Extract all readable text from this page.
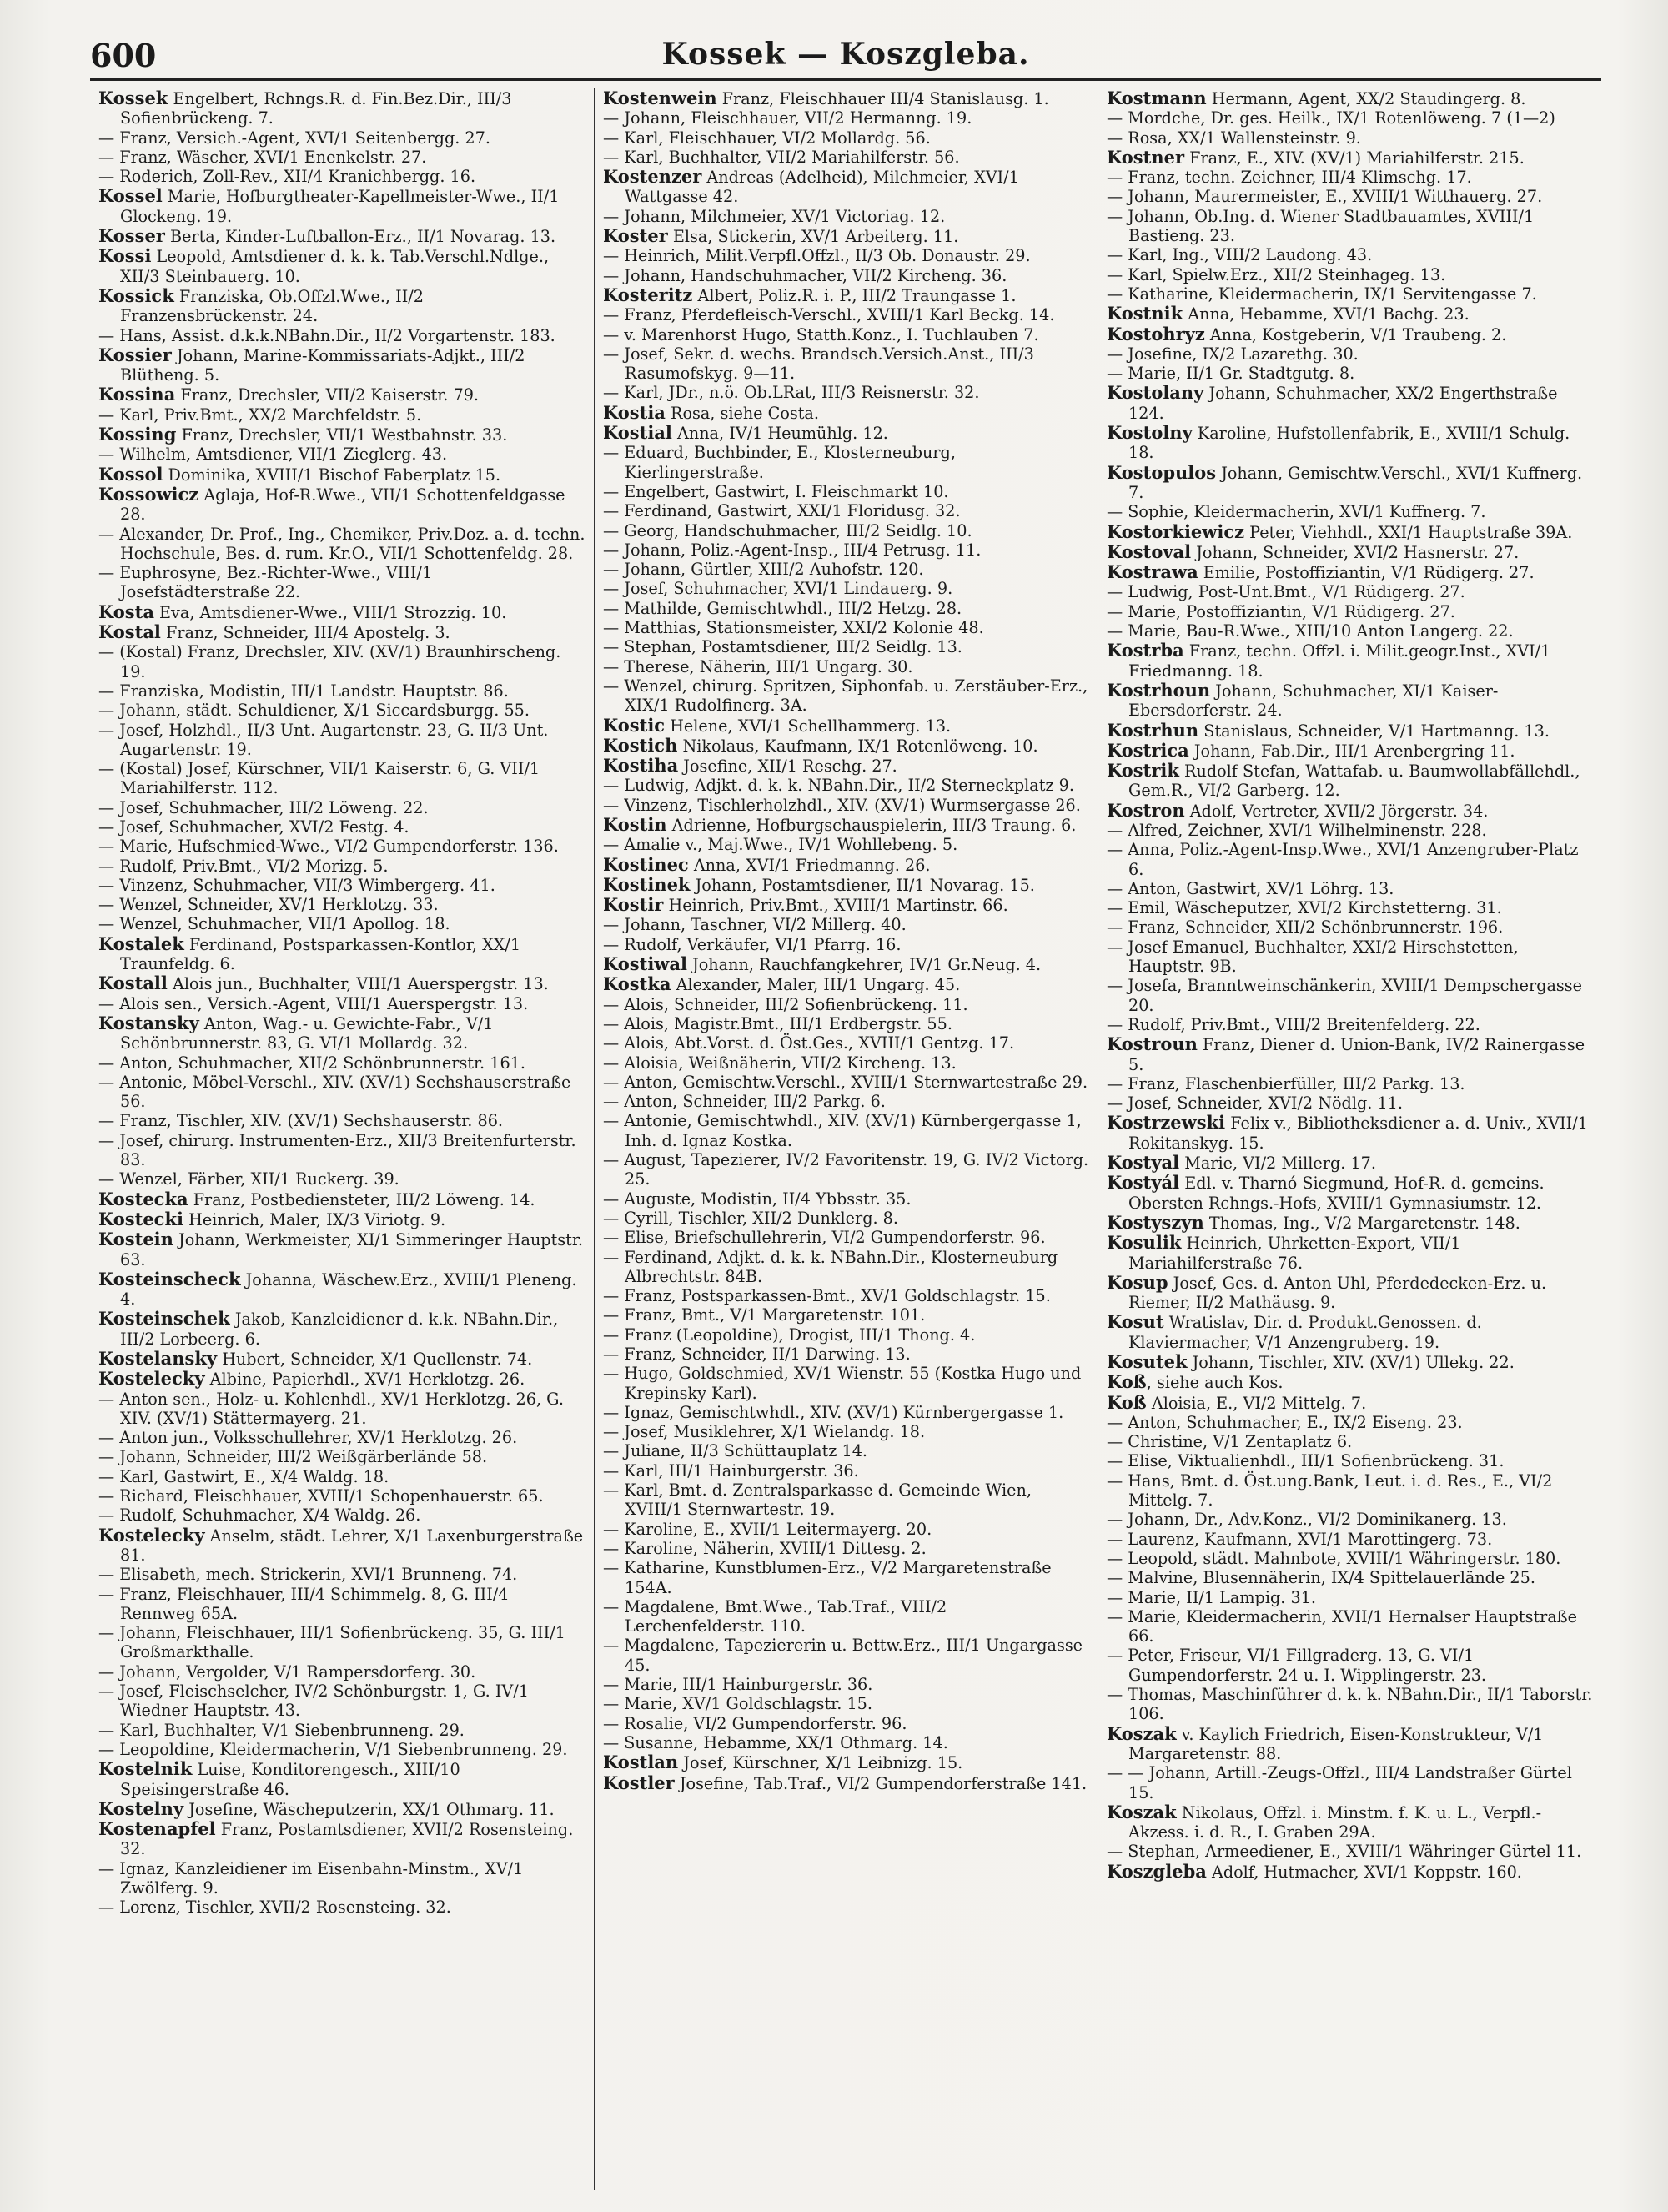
600	Kossek — Koszgleba.

Kossek Engelbert, Rchngs.R. d. Fin.Bez.Dir., III/3 Sofienbrückeng. 7.

— Franz, Versich.-Agent, XVI/1 Seitenbergg. 27.

— Franz, Wäscher, XVI/1 Enenkelstr. 27.

— Roderich, Zoll-Rev., XII/4 Kranichbergg. 16.

Kossel Marie, Hofburgtheater-Kapellmeister-Wwe., II/1 Glockeng. 19.

Kosser Berta, Kinder-Luftballon-Erz., II/1 Novarag. 13.

Kossi Leopold, Amtsdiener d. k. k. Tab.Verschl.Ndlge., XII/3 Steinbauerg. 10.

Kossick Franziska, Ob.Offzl.Wwe., II/2 Franzensbrückenstr. 24.

— Hans, Assist. d.k.k.NBahn.Dir., II/2 Vorgartenstr. 183.

Kossier Johann, Marine-Kommissariats-Adjkt., III/2 Blütheng. 5.

Kossina Franz, Drechsler, VII/2 Kaiserstr. 79.

— Karl, Priv.Bmt., XX/2 Marchfeldstr. 5.

Kossing Franz, Drechsler, VII/1 Westbahnstr. 33.

— Wilhelm, Amtsdiener, VII/1 Zieglerg. 43.

Kossol Dominika, XVIII/1 Bischof Faberplatz 15.

Kossowicz Aglaja, Hof-R.Wwe., VII/1 Schottenfeldgasse 28.

— Alexander, Dr. Prof., Ing., Chemiker, Priv.Doz. a. d. techn. Hochschule, Bes. d. rum. Kr.O., VII/1 Schottenfeldg. 28.

— Euphrosyne, Bez.-Richter-Wwe., VIII/1 Josefstädterstraße 22.

Kosta Eva, Amtsdiener-Wwe., VIII/1 Strozzig. 10.

Kostal Franz, Schneider, III/4 Apostelg. 3.

— (Kostal) Franz, Drechsler, XIV. (XV/1) Braunhirscheng. 19.

— Franziska, Modistin, III/1 Landstr. Hauptstr. 86.

— Johann, städt. Schuldiener, X/1 Siccardsburgg. 55.

— Josef, Holzhdl., II/3 Unt. Augartenstr. 23, G. II/3 Unt. Augartenstr. 19.

— (Kostal) Josef, Kürschner, VII/1 Kaiserstr. 6, G. VII/1 Mariahilferstr. 112.

— Josef, Schuhmacher, III/2 Löweng. 22.

— Josef, Schuhmacher, XVI/2 Festg. 4.

— Marie, Hufschmied-Wwe., VI/2 Gumpendorferstr. 136.

— Rudolf, Priv.Bmt., VI/2 Morizg. 5.

— Vinzenz, Schuhmacher, VII/3 Wimbergerg. 41.

— Wenzel, Schneider, XV/1 Herklotzg. 33.

— Wenzel, Schuhmacher, VII/1 Apollog. 18.

Kostalek Ferdinand, Postsparkassen-Kontlor, XX/1 Traunfeldg. 6.

Kostall Alois jun., Buchhalter, VIII/1 Auerspergstr. 13.

— Alois sen., Versich.-Agent, VIII/1 Auerspergstr. 13.

Kostansky Anton, Wag.- u. Gewichte-Fabr., V/1 Schönbrunnerstr. 83, G. VI/1 Mollardg. 32.

— Anton, Schuhmacher, XII/2 Schönbrunnerstr. 161.

— Antonie, Möbel-Verschl., XIV. (XV/1) Sechshauserstraße 56.

— Franz, Tischler, XIV. (XV/1) Sechshauserstr. 86.

— Josef, chirurg. Instrumenten-Erz., XII/3 Breitenfurterstr. 83.

— Wenzel, Färber, XII/1 Ruckerg. 39.

Kostecka Franz, Postbediensteter, III/2 Löweng. 14.

Kostecki Heinrich, Maler, IX/3 Viriotg. 9.

Kostein Johann, Werkmeister, XI/1 Simmeringer Hauptstr. 63.

Kosteinscheck Johanna, Wäschew.Erz., XVIII/1 Pleneng. 4.

Kosteinschek Jakob, Kanzleidiener d. k.k. NBahn.Dir., III/2 Lorbeerg. 6.

Kostelansky Hubert, Schneider, X/1 Quellenstr. 74.

Kostelecky Albine, Papierhdl., XV/1 Herklotzg. 26.

— Anton sen., Holz- u. Kohlenhdl., XV/1 Herklotzg. 26, G. XIV. (XV/1) Stättermayerg. 21.

— Anton jun., Volksschullehrer, XV/1 Herklotzg. 26.

— Johann, Schneider, III/2 Weißgärberlände 58.

— Karl, Gastwirt, E., X/4 Waldg. 18.

— Richard, Fleischhauer, XVIII/1 Schopenhauerstr. 65.

— Rudolf, Schuhmacher, X/4 Waldg. 26.

Kostelecky Anselm, städt. Lehrer, X/1 Laxenburgerstraße 81.

— Elisabeth, mech. Strickerin, XVI/1 Brunneng. 74.

— Franz, Fleischhauer, III/4 Schimmelg. 8, G. III/4 Rennweg 65A.

— Johann, Fleischhauer, III/1 Sofienbrückeng. 35, G. III/1 Großmarkthalle.

— Johann, Vergolder, V/1 Rampersdorferg. 30.

— Josef, Fleischselcher, IV/2 Schönburgstr. 1, G. IV/1 Wiedner Hauptstr. 43.

— Karl, Buchhalter, V/1 Siebenbrunneng. 29.

— Leopoldine, Kleidermacherin, V/1 Siebenbrunneng. 29.

Kostelnik Luise, Konditorengesch., XIII/10 Speisingerstraße 46.

Kostelny Josefine, Wäscheputzerin, XX/1 Othmarg. 11.

Kostenapfel Franz, Postamtsdiener, XVII/2 Rosensteing. 32.

— Ignaz, Kanzleidiener im Eisenbahn-Minstm., XV/1 Zwölferg. 9.

— Lorenz, Tischler, XVII/2 Rosensteing. 32.

Kostenwein Franz, Fleischhauer III/4 Stanislausg. 1.

— Johann, Fleischhauer, VII/2 Hermanng. 19.

— Karl, Fleischhauer, VI/2 Mollardg. 56.

— Karl, Buchhalter, VII/2 Mariahilferstr. 56.

Kostenzer Andreas (Adelheid), Milchmeier, XVI/1 Wattgasse 42.

— Johann, Milchmeier, XV/1 Victoriag. 12.

Koster Elsa, Stickerin, XV/1 Arbeiterg. 11.

— Heinrich, Milit.Verpfl.Offzl., II/3 Ob. Donaustr. 29.

— Johann, Handschuhmacher, VII/2 Kircheng. 36.

Kosteritz Albert, Poliz.R. i. P., III/2 Traungasse 1.

— Franz, Pferdefleisch-Verschl., XVIII/1 Karl Beckg. 14.

— v. Marenhorst Hugo, Statth.Konz., I. Tuchlauben 7.

— Josef, Sekr. d. wechs. Brandsch.Versich.Anst., III/3 Rasumofskyg. 9—11.

— Karl, JDr., n.ö. Ob.LRat, III/3 Reisnerstr. 32.

Kostia Rosa, siehe Costa.

Kostial Anna, IV/1 Heumühlg. 12.

— Eduard, Buchbinder, E., Klosterneuburg, Kierlingerstraße.

— Engelbert, Gastwirt, I. Fleischmarkt 10.

— Ferdinand, Gastwirt, XXI/1 Floridusg. 32.

— Georg, Handschuhmacher, III/2 Seidlg. 10.

— Johann, Poliz.-Agent-Insp., III/4 Petrusg. 11.

— Johann, Gürtler, XIII/2 Auhofstr. 120.

— Josef, Schuhmacher, XVI/1 Lindauerg. 9.

— Mathilde, Gemischtwhdl., III/2 Hetzg. 28.

— Matthias, Stationsmeister, XXI/2 Kolonie 48.

— Stephan, Postamtsdiener, III/2 Seidlg. 13.

— Therese, Näherin, III/1 Ungarg. 30.

— Wenzel, chirurg. Spritzen, Siphonfab. u. Zerstäuber-Erz., XIX/1 Rudolfinerg. 3A.

Kostic Helene, XVI/1 Schellhammerg. 13.

Kostich Nikolaus, Kaufmann, IX/1 Rotenlöweng. 10.

Kostiha Josefine, XII/1 Reschg. 27.

— Ludwig, Adjkt. d. k. k. NBahn.Dir., II/2 Sterneckplatz 9.

— Vinzenz, Tischlerholzhdl., XIV. (XV/1) Wurmsergasse 26.

Kostin Adrienne, Hofburgschauspielerin, III/3 Traung. 6.

— Amalie v., Maj.Wwe., IV/1 Wohllebeng. 5.

Kostinec Anna, XVI/1 Friedmanng. 26.

Kostinek Johann, Postamtsdiener, II/1 Novarag. 15.

Kostir Heinrich, Priv.Bmt., XVIII/1 Martinstr. 66.

— Johann, Taschner, VI/2 Millerg. 40.

— Rudolf, Verkäufer, VI/1 Pfarrg. 16.

Kostiwal Johann, Rauchfangkehrer, IV/1 Gr.Neug. 4.

Kostka Alexander, Maler, III/1 Ungarg. 45.

— Alois, Schneider, III/2 Sofienbrückeng. 11.

— Alois, Magistr.Bmt., III/1 Erdbergstr. 55.

— Alois, Abt.Vorst. d. Öst.Ges., XVIII/1 Gentzg. 17.

— Aloisia, Weißnäherin, VII/2 Kircheng. 13.

— Anton, Gemischtw.Verschl., XVIII/1 Sternwartestraße 29.

— Anton, Schneider, III/2 Parkg. 6.

— Antonie, Gemischtwhdl., XIV. (XV/1) Kürnbergergasse 1, Inh. d. Ignaz Kostka.

— August, Tapezierer, IV/2 Favoritenstr. 19, G. IV/2 Victorg. 25.

— Auguste, Modistin, II/4 Ybbsstr. 35.

— Cyrill, Tischler, XII/2 Dunklerg. 8.

— Elise, Briefschullehrerin, VI/2 Gumpendorferstr. 96.

— Ferdinand, Adjkt. d. k. k. NBahn.Dir., Klosterneuburg Albrechtstr. 84B.

— Franz, Postsparkassen-Bmt., XV/1 Goldschlagstr. 15.

— Franz, Bmt., V/1 Margaretenstr. 101.

— Franz (Leopoldine), Drogist, III/1 Thong. 4.

— Franz, Schneider, II/1 Darwing. 13.

— Hugo, Goldschmied, XV/1 Wienstr. 55 (Kostka Hugo und Krepinsky Karl).

— Ignaz, Gemischtwhdl., XIV. (XV/1) Kürnbergergasse 1.

— Josef, Musiklehrer, X/1 Wielandg. 18.

— Juliane, II/3 Schüttauplatz 14.

— Karl, III/1 Hainburgerstr. 36.

— Karl, Bmt. d. Zentralsparkasse d. Gemeinde Wien, XVIII/1 Sternwartestr. 19.

— Karoline, E., XVII/1 Leitermayerg. 20.

— Karoline, Näherin, XVIII/1 Dittesg. 2.

— Katharine, Kunstblumen-Erz., V/2 Margaretenstraße 154A.

— Magdalene, Bmt.Wwe., Tab.Traf., VIII/2 Lerchenfelderstr. 110.

— Magdalene, Tapeziererin u. Bettw.Erz., III/1 Ungargasse 45.

— Marie, III/1 Hainburgerstr. 36.

— Marie, XV/1 Goldschlagstr. 15.

— Rosalie, VI/2 Gumpendorferstr. 96.

— Susanne, Hebamme, XX/1 Othmarg. 14.

Kostlan Josef, Kürschner, X/1 Leibnizg. 15.

Kostler Josefine, Tab.Traf., VI/2 Gumpendorferstraße 141.

Kostmann Hermann, Agent, XX/2 Staudingerg. 8.

— Mordche, Dr. ges. Heilk., IX/1 Rotenlöweng. 7 (1—2)

— Rosa, XX/1 Wallensteinstr. 9.

Kostner Franz, E., XIV. (XV/1) Mariahilferstr. 215.

— Franz, techn. Zeichner, III/4 Klimschg. 17.

— Johann, Maurermeister, E., XVIII/1 Witthauerg. 27.

— Johann, Ob.Ing. d. Wiener Stadtbauamtes, XVIII/1 Bastieng. 23.

— Karl, Ing., VIII/2 Laudong. 43.

— Karl, Spielw.Erz., XII/2 Steinhageg. 13.

— Katharine, Kleidermacherin, IX/1 Servitengasse 7.

Kostnik Anna, Hebamme, XVI/1 Bachg. 23.

Kostohryz Anna, Kostgeberin, V/1 Traubeng. 2.

— Josefine, IX/2 Lazarethg. 30.

— Marie, II/1 Gr. Stadtgutg. 8.

Kostolany Johann, Schuhmacher, XX/2 Engerthstraße 124.

Kostolny Karoline, Hufstollenfabrik, E., XVIII/1 Schulg. 18.

Kostopulos Johann, Gemischtw.Verschl., XVI/1 Kuffnerg. 7.

— Sophie, Kleidermacherin, XVI/1 Kuffnerg. 7.

Kostorkiewicz Peter, Viehhdl., XXI/1 Hauptstraße 39A.

Kostoval Johann, Schneider, XVI/2 Hasnerstr. 27.

Kostrawa Emilie, Postoffiziantin, V/1 Rüdigerg. 27.

— Ludwig, Post-Unt.Bmt., V/1 Rüdigerg. 27.

— Marie, Postoffiziantin, V/1 Rüdigerg. 27.

— Marie, Bau-R.Wwe., XIII/10 Anton Langerg. 22.

Kostrba Franz, techn. Offzl. i. Milit.geogr.Inst., XVI/1 Friedmanng. 18.

Kostrhoun Johann, Schuhmacher, XI/1 Kaiser-Ebersdorferstr. 24.

Kostrhun Stanislaus, Schneider, V/1 Hartmanng. 13.

Kostrica Johann, Fab.Dir., III/1 Arenbergring 11.

Kostrik Rudolf Stefan, Wattafab. u. Baumwollabfällehdl., Gem.R., VI/2 Garberg. 12.

Kostron Adolf, Vertreter, XVII/2 Jörgerstr. 34.

— Alfred, Zeichner, XVI/1 Wilhelminenstr. 228.

— Anna, Poliz.-Agent-Insp.Wwe., XVI/1 Anzengruber-Platz 6.

— Anton, Gastwirt, XV/1 Löhrg. 13.

— Emil, Wäscheputzer, XVI/2 Kirchstetterng. 31.

— Franz, Schneider, XII/2 Schönbrunnerstr. 196.

— Josef Emanuel, Buchhalter, XXI/2 Hirschstetten, Hauptstr. 9B.

— Josefa, Branntweinschänkerin, XVIII/1 Dempschergasse 20.

— Rudolf, Priv.Bmt., VIII/2 Breitenfelderg. 22.

Kostroun Franz, Diener d. Union-Bank, IV/2 Rainergasse 5.

— Franz, Flaschenbierfüller, III/2 Parkg. 13.

— Josef, Schneider, XVI/2 Nödlg. 11.

Kostrzewski Felix v., Bibliotheksdiener a. d. Univ., XVII/1 Rokitanskyg. 15.

Kostyal Marie, VI/2 Millerg. 17.

Kostyál Edl. v. Tharnó Siegmund, Hof-R. d. gemeins. Obersten Rchngs.-Hofs, XVIII/1 Gymnasiumstr. 12.

Kostyszyn Thomas, Ing., V/2 Margaretenstr. 148.

Kosulik Heinrich, Uhrketten-Export, VII/1 Mariahilferstraße 76.

Kosup Josef, Ges. d. Anton Uhl, Pferdedecken-Erz. u. Riemer, II/2 Mathäusg. 9.

Kosut Wratislav, Dir. d. Produkt.Genossen. d. Klaviermacher, V/1 Anzengruberg. 19.

Kosutek Johann, Tischler, XIV. (XV/1) Ullekg. 22.

Koß, siehe auch Kos.

Koß Aloisia, E., VI/2 Mittelg. 7.

— Anton, Schuhmacher, E., IX/2 Eiseng. 23.

— Christine, V/1 Zentaplatz 6.

— Elise, Viktualienhdl., III/1 Sofienbrückeng. 31.

— Hans, Bmt. d. Öst.ung.Bank, Leut. i. d. Res., E., VI/2 Mittelg. 7.

— Johann, Dr., Adv.Konz., VI/2 Dominikanerg. 13.

— Laurenz, Kaufmann, XVI/1 Marottingerg. 73.

— Leopold, städt. Mahnbote, XVIII/1 Währingerstr. 180.

— Malvine, Blusennäherin, IX/4 Spittelauerlände 25.

— Marie, II/1 Lampig. 31.

— Marie, Kleidermacherin, XVII/1 Hernalser Hauptstraße 66.

— Peter, Friseur, VI/1 Fillgraderg. 13, G. VI/1 Gumpendorferstr. 24 u. I. Wipplingerstr. 23.

— Thomas, Maschinführer d. k. k. NBahn.Dir., II/1 Taborstr. 106.

Koszak v. Kaylich Friedrich, Eisen-Konstrukteur, V/1 Margaretenstr. 88.

— — Johann, Artill.-Zeugs-Offzl., III/4 Landstraßer Gürtel 15.

Koszak Nikolaus, Offzl. i. Minstm. f. K. u. L., Verpfl.-Akzess. i. d. R., I. Graben 29A.

— Stephan, Armeediener, E., XVIII/1 Währinger Gürtel 11.

Koszgleba Adolf, Hutmacher, XVI/1 Koppstr. 160.
